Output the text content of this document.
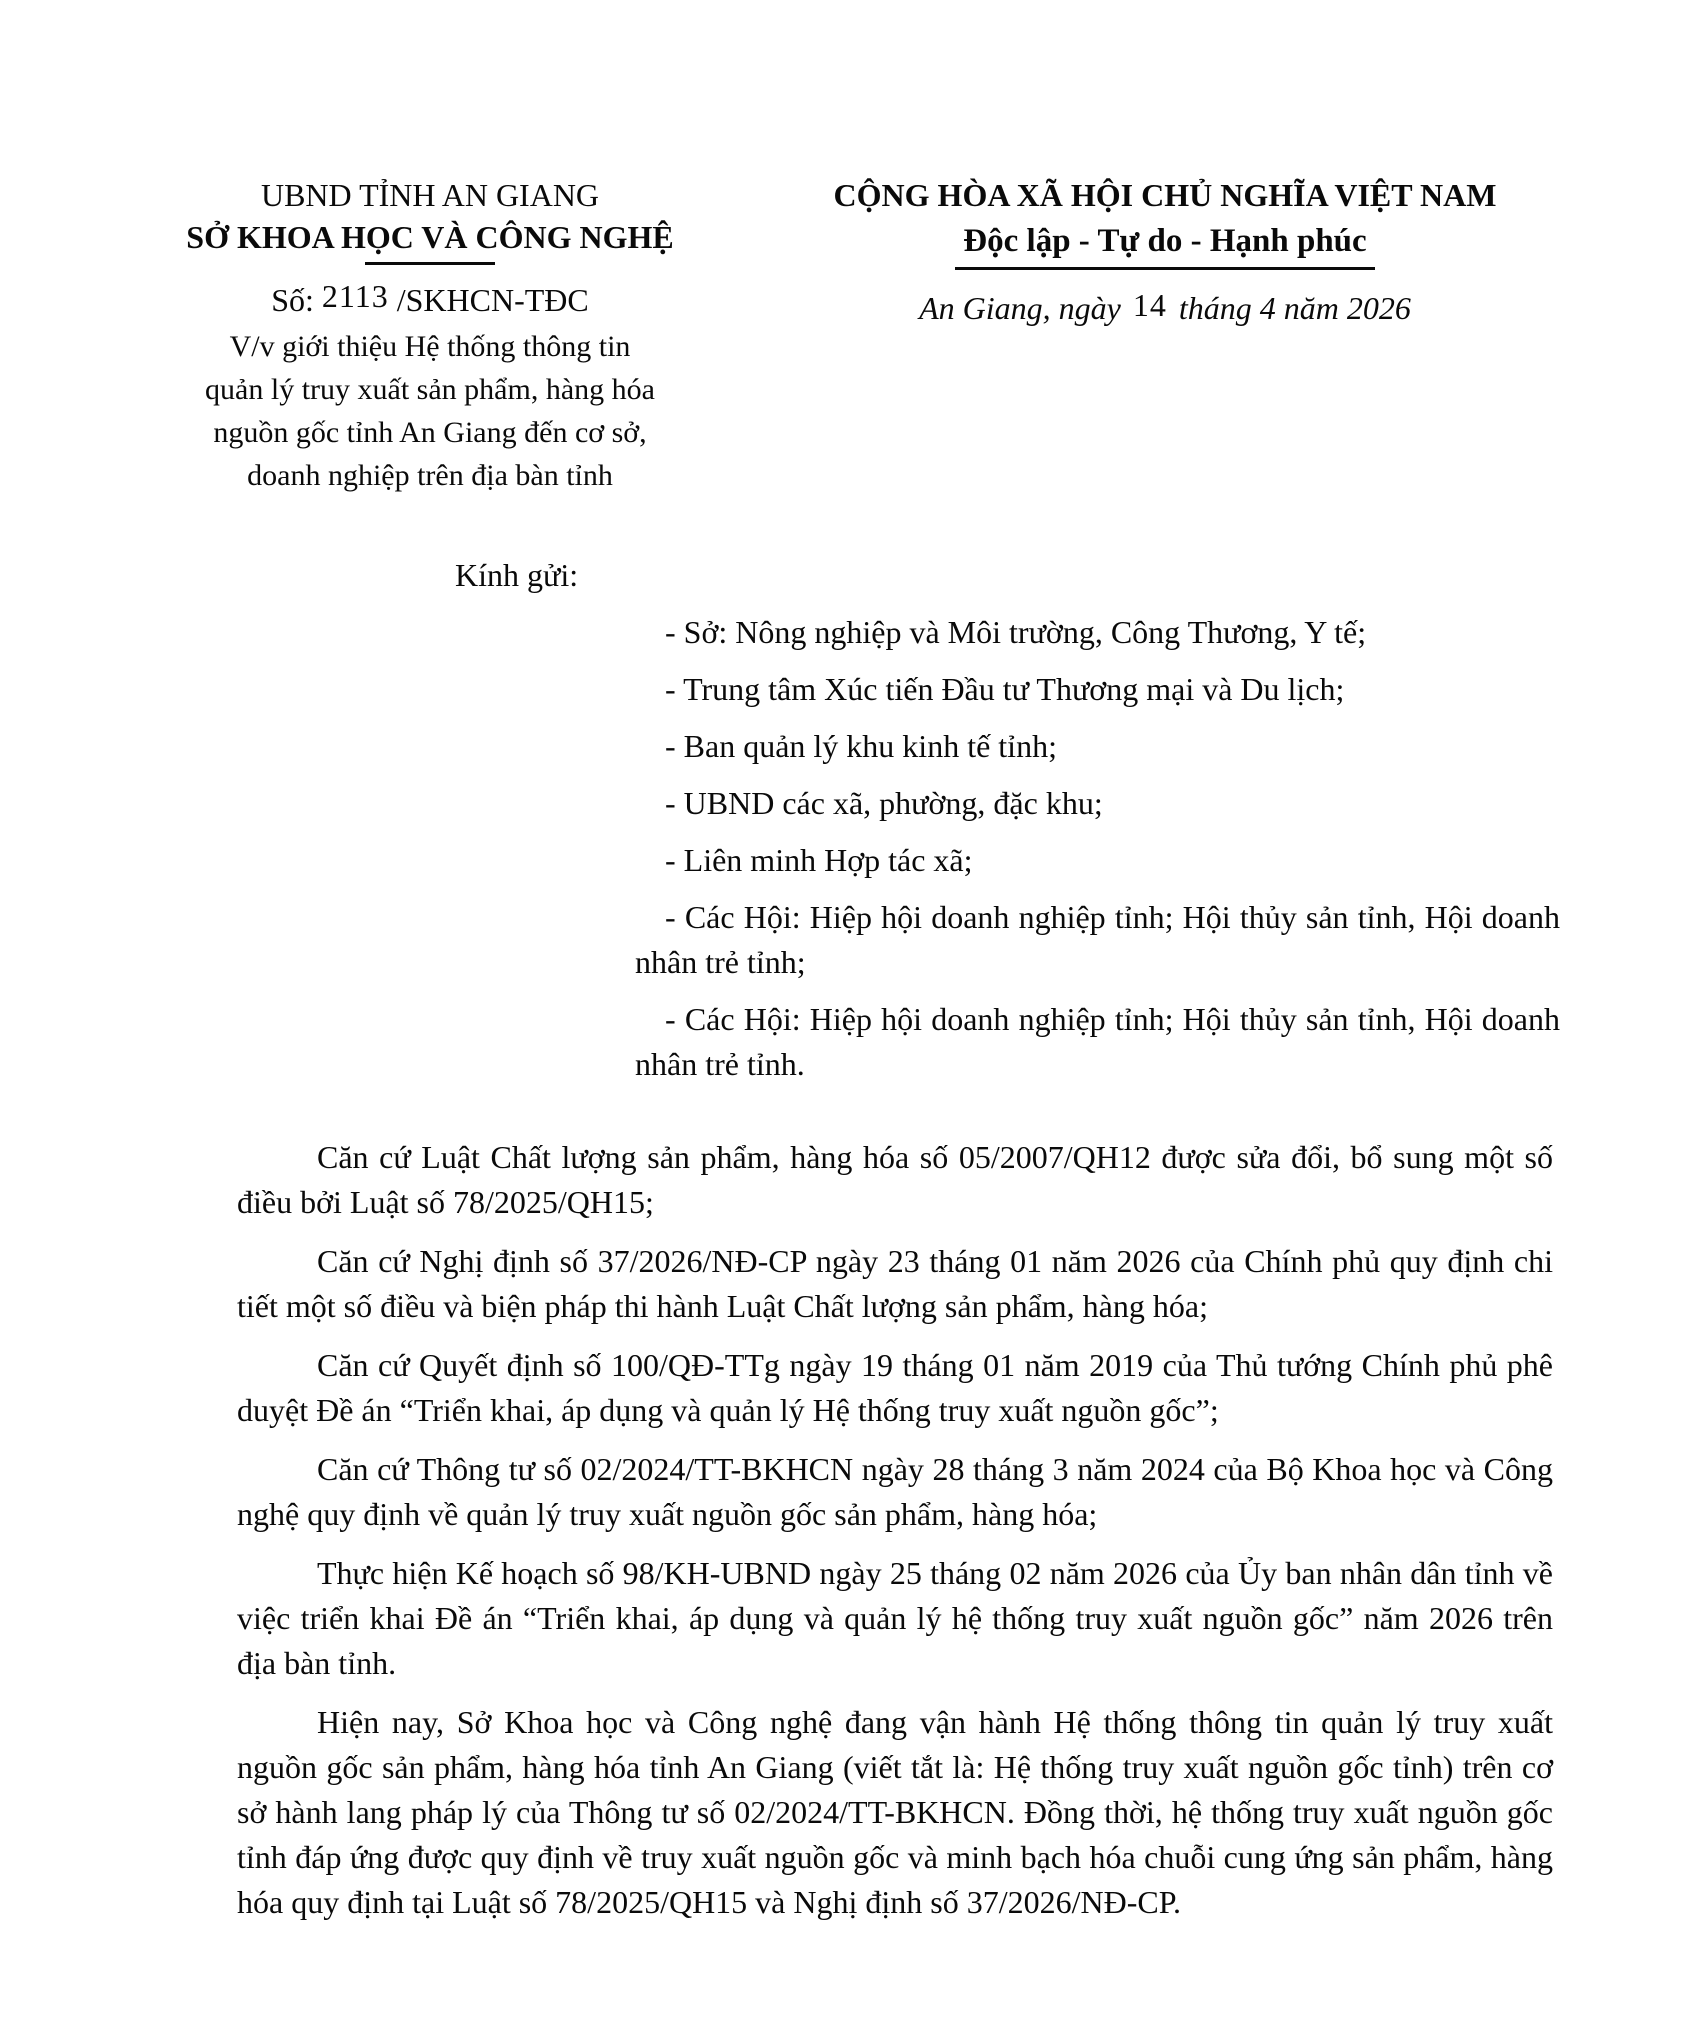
UBND TỈNH AN GIANG
SỞ KHOA HỌC VÀ CÔNG NGHỆ
Số: 2113 /SKHCN-TĐC
V/v giới thiệu Hệ thống thông tin
quản lý truy xuất sản phẩm, hàng hóa
nguồn gốc tỉnh An Giang đến cơ sở,
doanh nghiệp trên địa bàn tỉnh
CỘNG HÒA XÃ HỘI CHỦ NGHĨA VIỆT NAM
Độc lập - Tự do - Hạnh phúc
An Giang, ngày 14 tháng 4 năm 2026
Kính gửi:
- Sở: Nông nghiệp và Môi trường, Công Thương, Y tế;
- Trung tâm Xúc tiến Đầu tư Thương mại và Du lịch;
- Ban quản lý khu kinh tế tỉnh;
- UBND các xã, phường, đặc khu;
- Liên minh Hợp tác xã;
- Các Hội: Hiệp hội doanh nghiệp tỉnh; Hội thủy sản tỉnh, Hội doanh nhân trẻ tỉnh;
- Các Hội: Hiệp hội doanh nghiệp tỉnh; Hội thủy sản tỉnh, Hội doanh nhân trẻ tỉnh.

Căn cứ Luật Chất lượng sản phẩm, hàng hóa số 05/2007/QH12 được sửa đổi, bổ sung một số điều bởi Luật số 78/2025/QH15;

Căn cứ Nghị định số 37/2026/NĐ-CP ngày 23 tháng 01 năm 2026 của Chính phủ quy định chi tiết một số điều và biện pháp thi hành Luật Chất lượng sản phẩm, hàng hóa;

Căn cứ Quyết định số 100/QĐ-TTg ngày 19 tháng 01 năm 2019 của Thủ tướng Chính phủ phê duyệt Đề án “Triển khai, áp dụng và quản lý Hệ thống truy xuất nguồn gốc”;

Căn cứ Thông tư số 02/2024/TT-BKHCN ngày 28 tháng 3 năm 2024 của Bộ Khoa học và Công nghệ quy định về quản lý truy xuất nguồn gốc sản phẩm, hàng hóa;

Thực hiện Kế hoạch số 98/KH-UBND ngày 25 tháng 02 năm 2026 của Ủy ban nhân dân tỉnh về việc triển khai Đề án “Triển khai, áp dụng và quản lý hệ thống truy xuất nguồn gốc” năm 2026 trên địa bàn tỉnh.

Hiện nay, Sở Khoa học và Công nghệ đang vận hành Hệ thống thông tin quản lý truy xuất nguồn gốc sản phẩm, hàng hóa tỉnh An Giang (viết tắt là: Hệ thống truy xuất nguồn gốc tỉnh) trên cơ sở hành lang pháp lý của Thông tư số 02/2024/TT-BKHCN. Đồng thời, hệ thống truy xuất nguồn gốc tỉnh đáp ứng được quy định về truy xuất nguồn gốc và minh bạch hóa chuỗi cung ứng sản phẩm, hàng hóa quy định tại Luật số 78/2025/QH15 và Nghị định số 37/2026/NĐ-CP.
